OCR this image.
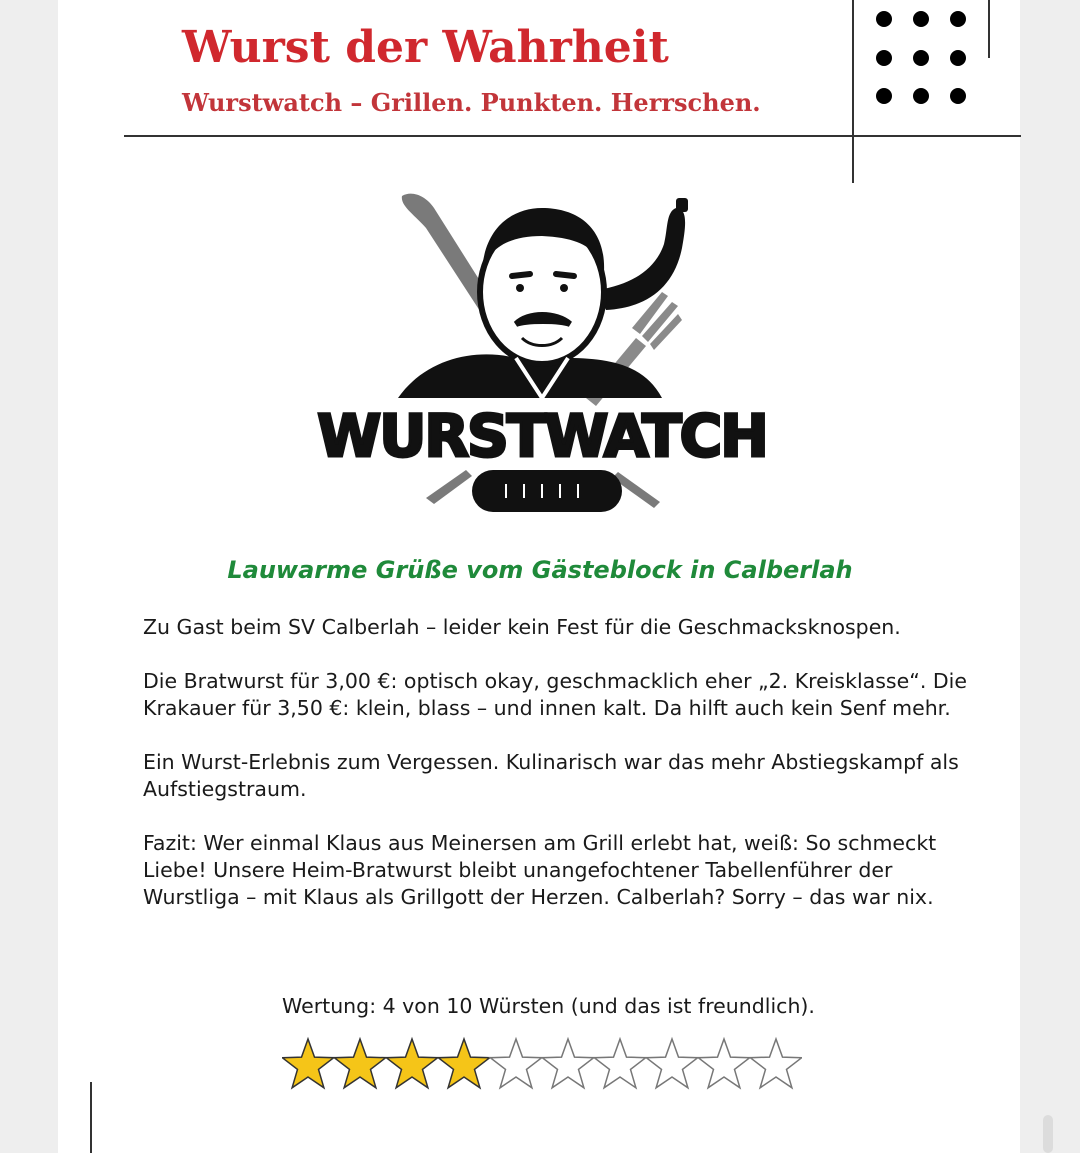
Wurst der Wahrheit
Wurstwatch – Grillen. Punkten. Herrschen.
WURSTWATCH
Lauwarme Grüße vom Gästeblock in Calberlah

Zu Gast beim SV Calberlah – leider kein Fest für die Geschmacksknospen.

Die Bratwurst für 3,00 €: optisch okay, geschmacklich eher „2. Kreisklasse“. Die Krakauer für 3,50 €: klein, blass – und innen kalt. Da hilft auch kein Senf mehr.

Ein Wurst-Erlebnis zum Vergessen. Kulinarisch war das mehr Abstiegskampf als Aufstiegstraum.

Fazit: Wer einmal Klaus aus Meinersen am Grill erlebt hat, weiß: So schmeckt Liebe! Unsere Heim-Bratwurst bleibt unangefochtener Tabellenführer der Wurstliga – mit Klaus als Grillgott der Herzen. Calberlah? Sorry – das war nix.

Wertung: 4 von 10 Würsten (und das ist freundlich).
